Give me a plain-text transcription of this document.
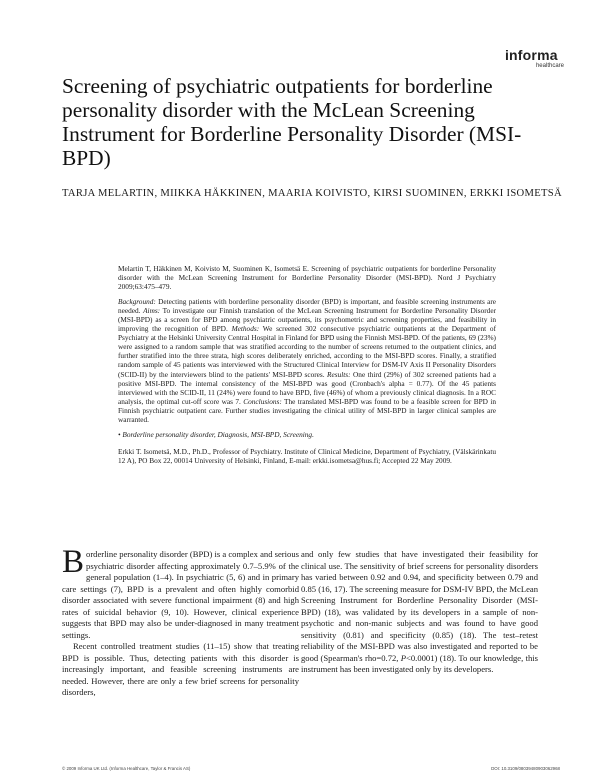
informa
healthcare
Screening of psychiatric outpatients for borderline personality disorder with the McLean Screening Instrument for Borderline Personality Disorder (MSI-BPD)
TARJA MELARTIN, MIIKKA HÄKKINEN, MAARIA KOIVISTO, KIRSI SUOMINEN, ERKKI ISOMETSÄ

Melartin T, Häkkinen M, Koivisto M, Suominen K, Isometsä E. Screening of psychiatric outpatients for borderline Personality disorder with the McLean Screening Instrument for Borderline Personality Disorder (MSI-BPD). Nord J Psychiatry 2009;63:475–479.

Background: Detecting patients with borderline personality disorder (BPD) is important, and feasible screening instruments are needed. Aims: To investigate our Finnish translation of the McLean Screening Instrument for Borderline Personality Disorder (MSI-BPD) as a screen for BPD among psychiatric outpatients, its psychometric and screening properties, and feasibility in improving the recognition of BPD. Methods: We screened 302 consecutive psychiatric outpatients at the Department of Psychiatry at the Helsinki University Central Hospital in Finland for BPD using the Finnish MSI-BPD. Of the patients, 69 (23%) were assigned to a random sample that was stratified according to the number of screens returned to the outpatient clinics, and further stratified into the three strata, high scores deliberately enriched, according to the MSI-BPD scores. Finally, a stratified random sample of 45 patients was interviewed with the Structured Clinical Interview for DSM-IV Axis II Personality Disorders (SCID-II) by the interviewers blind to the patients' MSI-BPD scores. Results: One third (29%) of 302 screened patients had a positive MSI-BPD. The internal consistency of the MSI-BPD was good (Cronbach's alpha = 0.77). Of the 45 patients interviewed with the SCID-II, 11 (24%) were found to have BPD, five (46%) of whom a previously clinical diagnosis. In a ROC analysis, the optimal cut-off score was 7. Conclusions: The translated MSI-BPD was found to be a feasible screen for BPD in Finnish psychiatric outpatient care. Further studies investigating the clinical utility of MSI-BPD in larger clinical samples are warranted.

• Borderline personality disorder, Diagnosis, MSI-BPD, Screening.

Erkki T. Isometsä, M.D., Ph.D., Professor of Psychiatry. Institute of Clinical Medicine, Department of Psychiatry, (Välskärinkatu 12 A), PO Box 22, 00014 University of Helsinki, Finland, E-mail: erkki.isometsa@hus.fi; Accepted 22 May 2009.

Borderline personality disorder (BPD) is a complex and serious psychiatric disorder affecting approximately 0.7–5.9% of the general population (1–4). In psychiatric (5, 6) and in primary care settings (7), BPD is a prevalent and often highly comorbid disorder associated with severe functional impairment (8) and high rates of suicidal behavior (9, 10). However, clinical experience suggests that BPD may also be under-diagnosed in many treatment settings.

Recent controlled treatment studies (11–15) show that treating BPD is possible. Thus, detecting patients with this disorder is increasingly important, and feasible screening instruments are needed. However, there are only a few brief screens for personality disorders,

and only few studies that have investigated their feasibility for clinical use. The sensitivity of brief screens for personality disorders has varied between 0.92 and 0.94, and specificity between 0.79 and 0.85 (16, 17). The screening measure for DSM-IV BPD, the McLean Screening Instrument for Borderline Personality Disorder (MSI-BPD) (18), was validated by its developers in a sample of non-psychotic and non-manic subjects and was found to have good sensitivity (0.81) and specificity (0.85) (18). The test–retest reliability of the MSI-BPD was also investigated and reported to be good (Spearman's rho=0.72, P<0.0001) (18). To our knowledge, this instrument has been investigated only by its developers.

© 2009 Informa UK Ltd. (Informa Healthcare, Taylor & Francis AS)	DOI: 10.3109/08039480903062968
